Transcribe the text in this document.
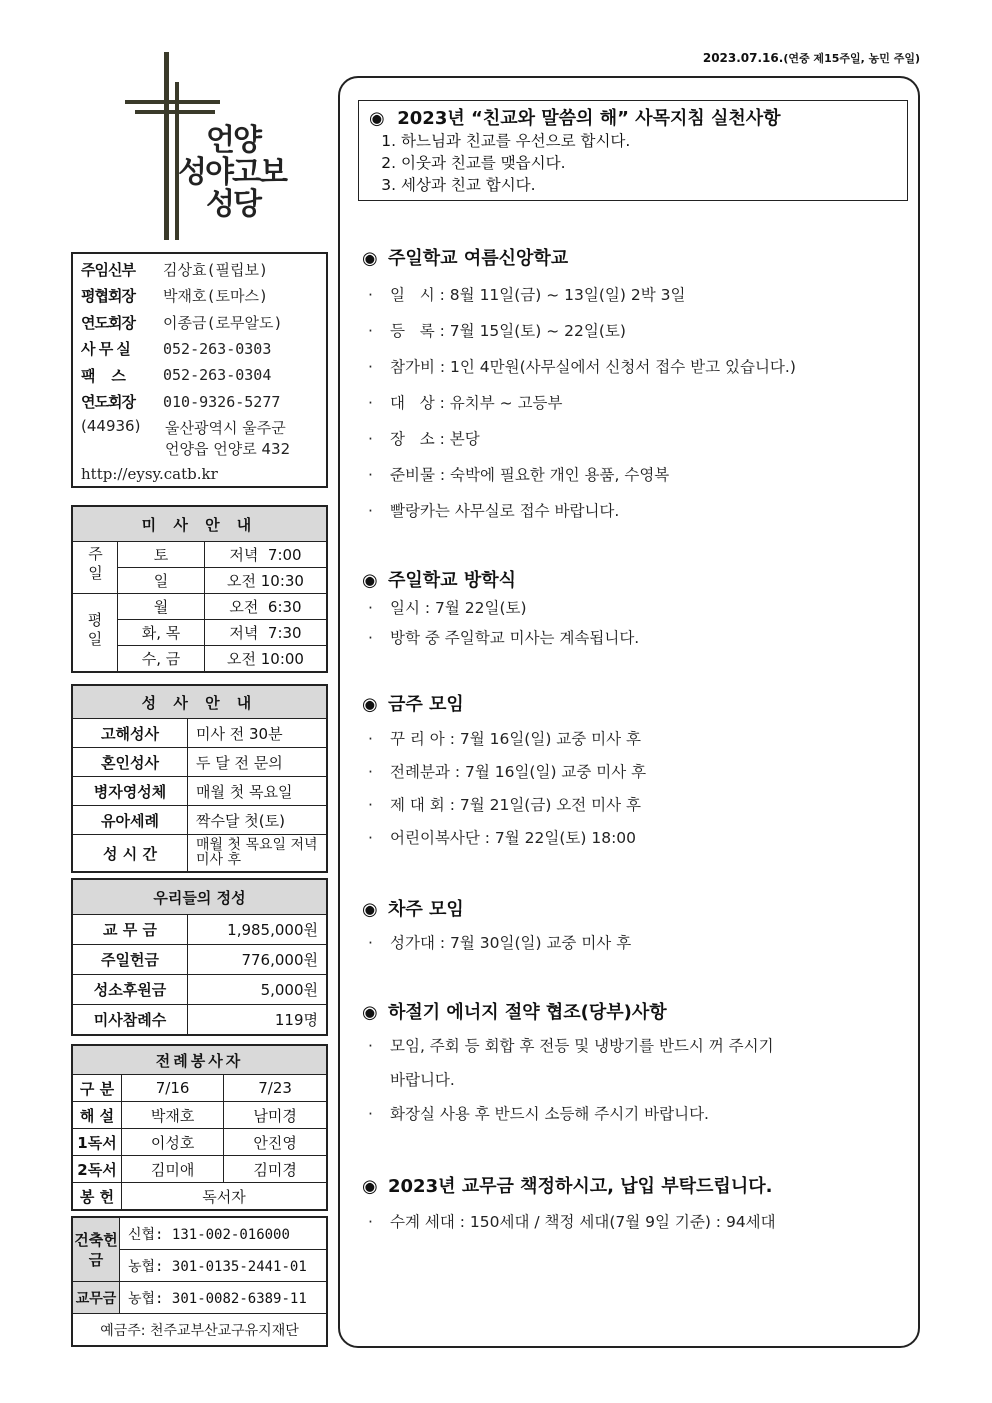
2023.07.16.(연중 제15주일, 농민 주일)
언양
성야고보
성당
주임신부	김상효(필립보)
평협회장	박재호(토마스)
연도회장	이종금(로무알도)
사 무 실	052-263-0303
팩    스	052-263-0304
연도회장	010-9326-5277
(44936)	울산광역시 울주군
언양읍 언양로 432
http://eysy.catb.kr
미 사 안 내		
주일	토	저녁  7:00
	일	오전 10:30
평일	월	오전  6:30
	화, 목	저녁  7:30
	수, 금	오전 10:00
성 사 안 내	
고해성사	미사 전 30분
혼인성사	두 달 전 문의
병자영성체	매월 첫 목요일
유아세례	짝수달 첫(토)
성 시 간	매월 첫 목요일 저녁미사 후
우리들의 정성	
교 무 금	1,985,000원
주일헌금	776,000원
성소후원금	5,000원
미사참례수	119명
전례봉사자		
구 분	7/16	7/23
해 설	박재호	남미경
1독서	이성호	안진영
2독서	김미애	김미경
봉 헌	독서자	
건축헌금	신협: 131-002-016000
	농협: 301-0135-2441-01
교무금	농협: 301-0082-6389-11
예금주: 천주교부산교구유지재단	
◉  2023년 “친교와 말씀의 해” 사목지침 실천사항
1. 하느님과 친교를 우선으로 합시다.
2. 이웃과 친교를 맺읍시다.
3. 세상과 친교 합시다.
◉ 주일학교 여름신앙학교
· 일   시 : 8월 11일(금) ~ 13일(일) 2박 3일
· 등   록 : 7월 15일(토) ~ 22일(토)
· 참가비 : 1인 4만원(사무실에서 신청서 접수 받고 있습니다.)
· 대   상 : 유치부 ~ 고등부
· 장   소 : 본당
· 준비물 : 숙박에 필요한 개인 용품, 수영복
· 빨랑카는 사무실로 접수 바랍니다.
◉ 주일학교 방학식
· 일시 : 7월 22일(토)
· 방학 중 주일학교 미사는 계속됩니다.
◉ 금주 모임
· 꾸 리 아 : 7월 16일(일) 교중 미사 후
· 전례분과 : 7월 16일(일) 교중 미사 후
· 제 대 회 : 7월 21일(금) 오전 미사 후
· 어린이복사단 : 7월 22일(토) 18:00
◉ 차주 모임
· 성가대 : 7월 30일(일) 교중 미사 후
◉ 하절기 에너지 절약 협조(당부)사항
· 모임, 주회 등 회합 후 전등 및 냉방기를 반드시 꺼 주시기
바랍니다.
· 화장실 사용 후 반드시 소등해 주시기 바랍니다.
◉ 2023년 교무금 책정하시고, 납입 부탁드립니다.
· 수계 세대 : 150세대 / 책정 세대(7월 9일 기준) : 94세대
